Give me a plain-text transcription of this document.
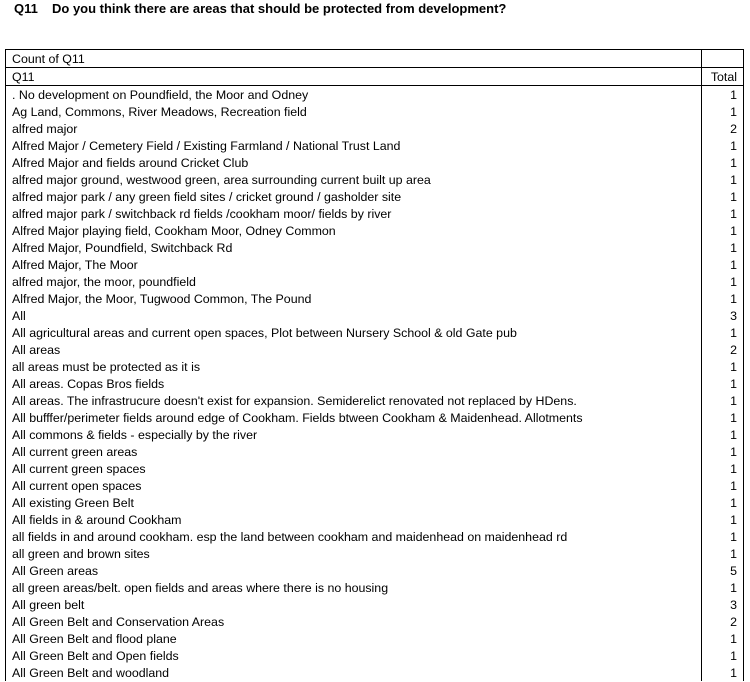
Q11 Do you think there are areas that should be protected from development?
Count of Q11	
Q11	Total
. No development on Poundfield, the Moor and Odney	1
Ag Land, Commons, River Meadows, Recreation field	1
alfred major	2
Alfred Major / Cemetery Field / Existing Farmland / National Trust Land	1
Alfred Major and fields around Cricket Club	1
alfred major ground, westwood green, area surrounding current built up area	1
alfred major park / any green field sites / cricket ground / gasholder site	1
alfred major park / switchback rd fields /cookham moor/ fields by river	1
Alfred Major playing field, Cookham Moor, Odney Common	1
Alfred Major, Poundfield, Switchback Rd	1
Alfred Major, The Moor	1
alfred major, the moor, poundfield	1
Alfred Major, the Moor, Tugwood Common, The Pound	1
All	3
All agricultural areas and current open spaces, Plot between Nursery School & old Gate pub	1
All areas	2
all areas must be protected as it is	1
All areas. Copas Bros fields	1
All areas. The infrastrucure doesn't exist for expansion. Semiderelict renovated not replaced by HDens.	1
All bufffer/perimeter fields around edge of Cookham. Fields btween Cookham & Maidenhead. Allotments	1
All commons & fields - especially by the river	1
All current green areas	1
All current green spaces	1
All current open spaces	1
All existing Green Belt	1
All fields in & around Cookham	1
all fields in and around cookham. esp the land between cookham and maidenhead on maidenhead rd	1
all green and brown sites	1
All Green areas	5
all green areas/belt. open fields and areas where there is no housing	1
All green belt	3
All Green Belt and Conservation Areas	2
All Green Belt and flood plane	1
All Green Belt and Open fields	1
All Green Belt and woodland	1
